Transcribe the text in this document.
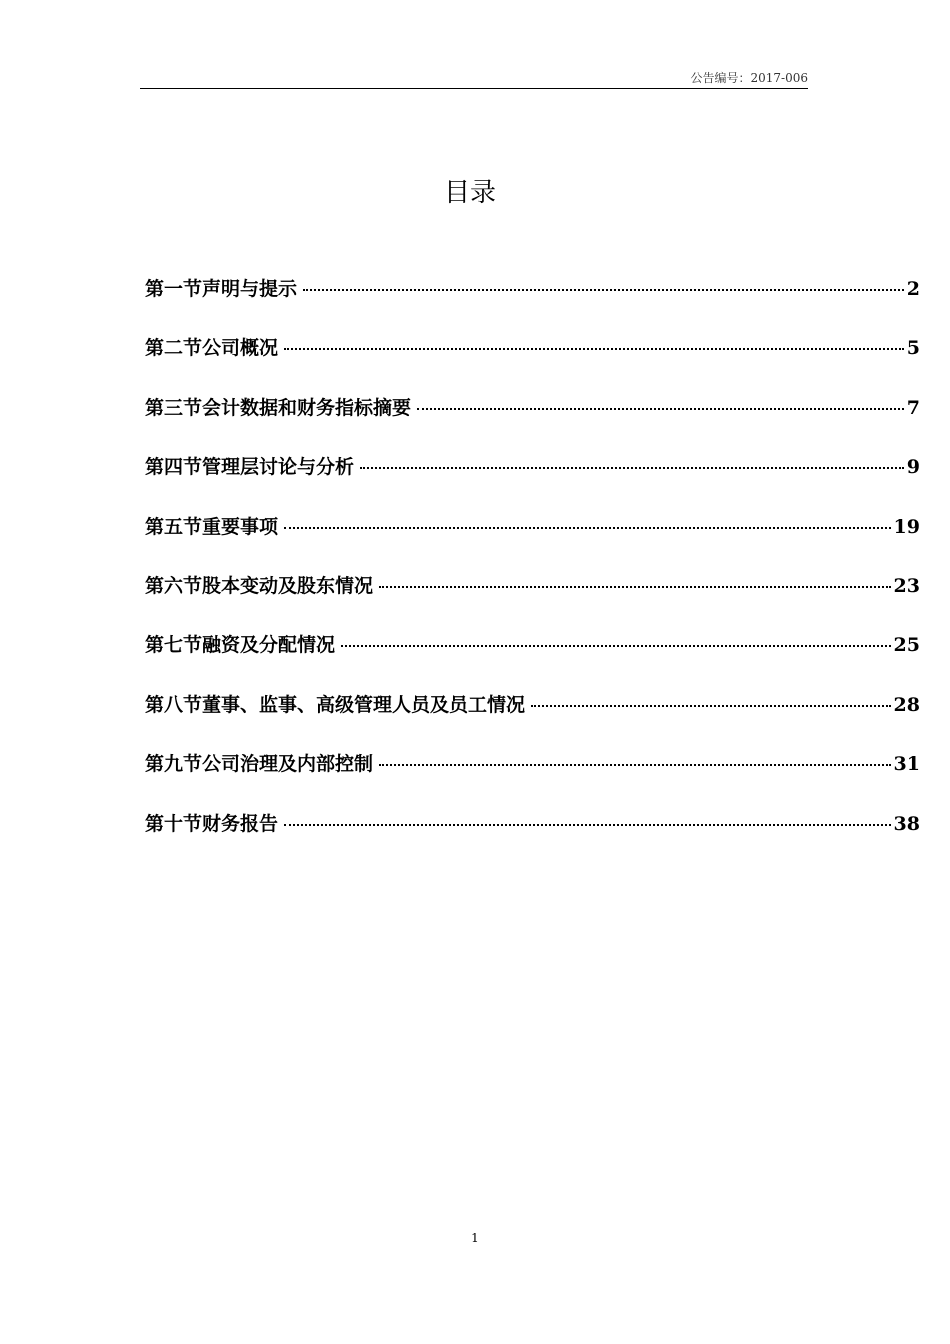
公告编号：2017-006
目录
第一节声明与提示	2
第二节公司概况	5
第三节会计数据和财务指标摘要	7
第四节管理层讨论与分析	9
第五节重要事项	19
第六节股本变动及股东情况	23
第七节融资及分配情况	25
第八节董事、监事、高级管理人员及员工情况	28
第九节公司治理及内部控制	31
第十节财务报告	38
1
